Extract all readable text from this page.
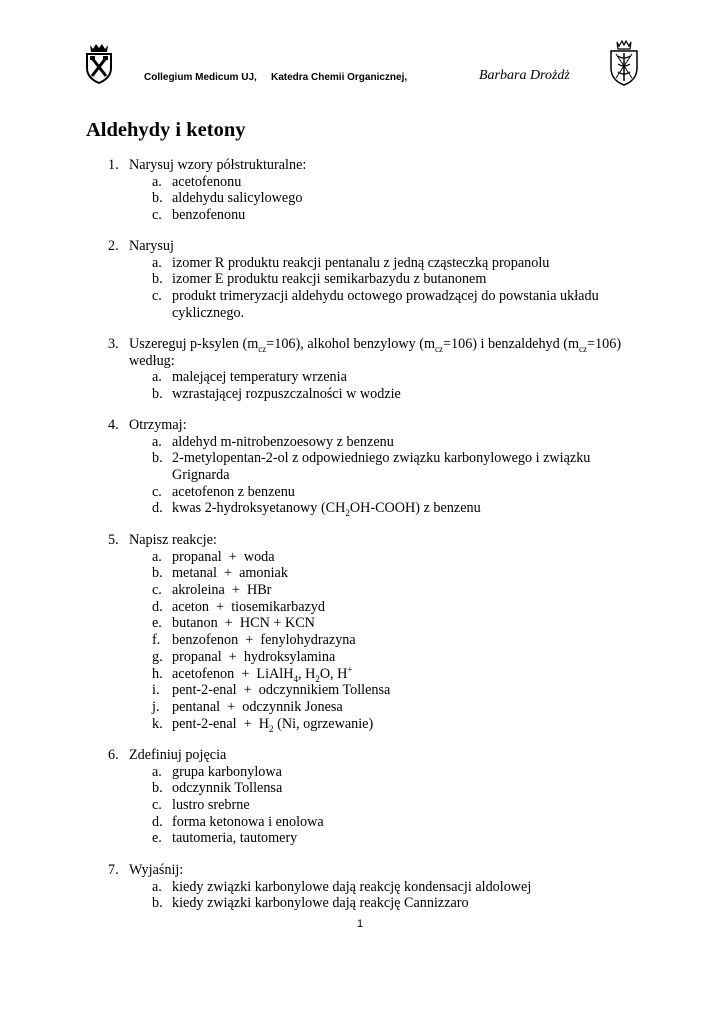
Collegium Medicum UJ, Katedra Chemii Organicznej,	Barbara Drożdż
Aldehydy i ketony
1. Narysuj wzory półstrukturalne:
a. acetofenonu
b. aldehydu salicylowego
c. benzofenonu
2. Narysuj
a. izomer R produktu reakcji pentanalu z jedną cząsteczką propanolu
b. izomer E produktu reakcji semikarbazydu z butanonem
c. produkt trimeryzacji aldehydu octowego prowadzącej do powstania układu
cyklicznego.
3. Uszereguj p-ksylen $(m_{cz}=106)$, alkohol benzylowy $(m_{cz}=106)$ i benzaldehyd $(m_{cz}=106)$
według:
a. malejącej temperatury wrzenia
b. wzrastającej rozpuszczalności w wodzie
4. Otrzymaj:
a. aldehyd m-nitrobenzoesowy z benzenu
b. 2-metylopentan-2-ol z odpowiedniego związku karbonylowego i związku
Grignarda
c. acetofenon z benzenu
d. kwas 2-hydroksyetanowy $(CH_2OH-COOH)$ z benzenu
5. Napisz reakcje:
a. propanal  +  woda
b. metanal  +  amoniak
c. akroleina  +  HBr
d. aceton  +  tiosemikarbazyd
e. butanon  +  HCN + KCN
f. benzofenon  +  fenylohydrazyna
g. propanal  +  hydroksylamina
h. acetofenon  +  LiAlH$_4$, $H_2O$, H+
i. pent-2-enal  +  odczynnikiem Tollensa
j. pentanal  +  odczynnik Jonesa
k. pent-2-enal  +  $H_2$ (Ni, ogrzewanie)
6. Zdefiniuj pojęcia
a. grupa karbonylowa
b. odczynnik Tollensa
c. lustro srebrne
d. forma ketonowa i enolowa
e. tautomeria, tautomery
7. Wyjaśnij:
a. kiedy związki karbonylowe dają reakcję kondensacji aldolowej
b. kiedy związki karbonylowe dają reakcję Cannizzaro
1
